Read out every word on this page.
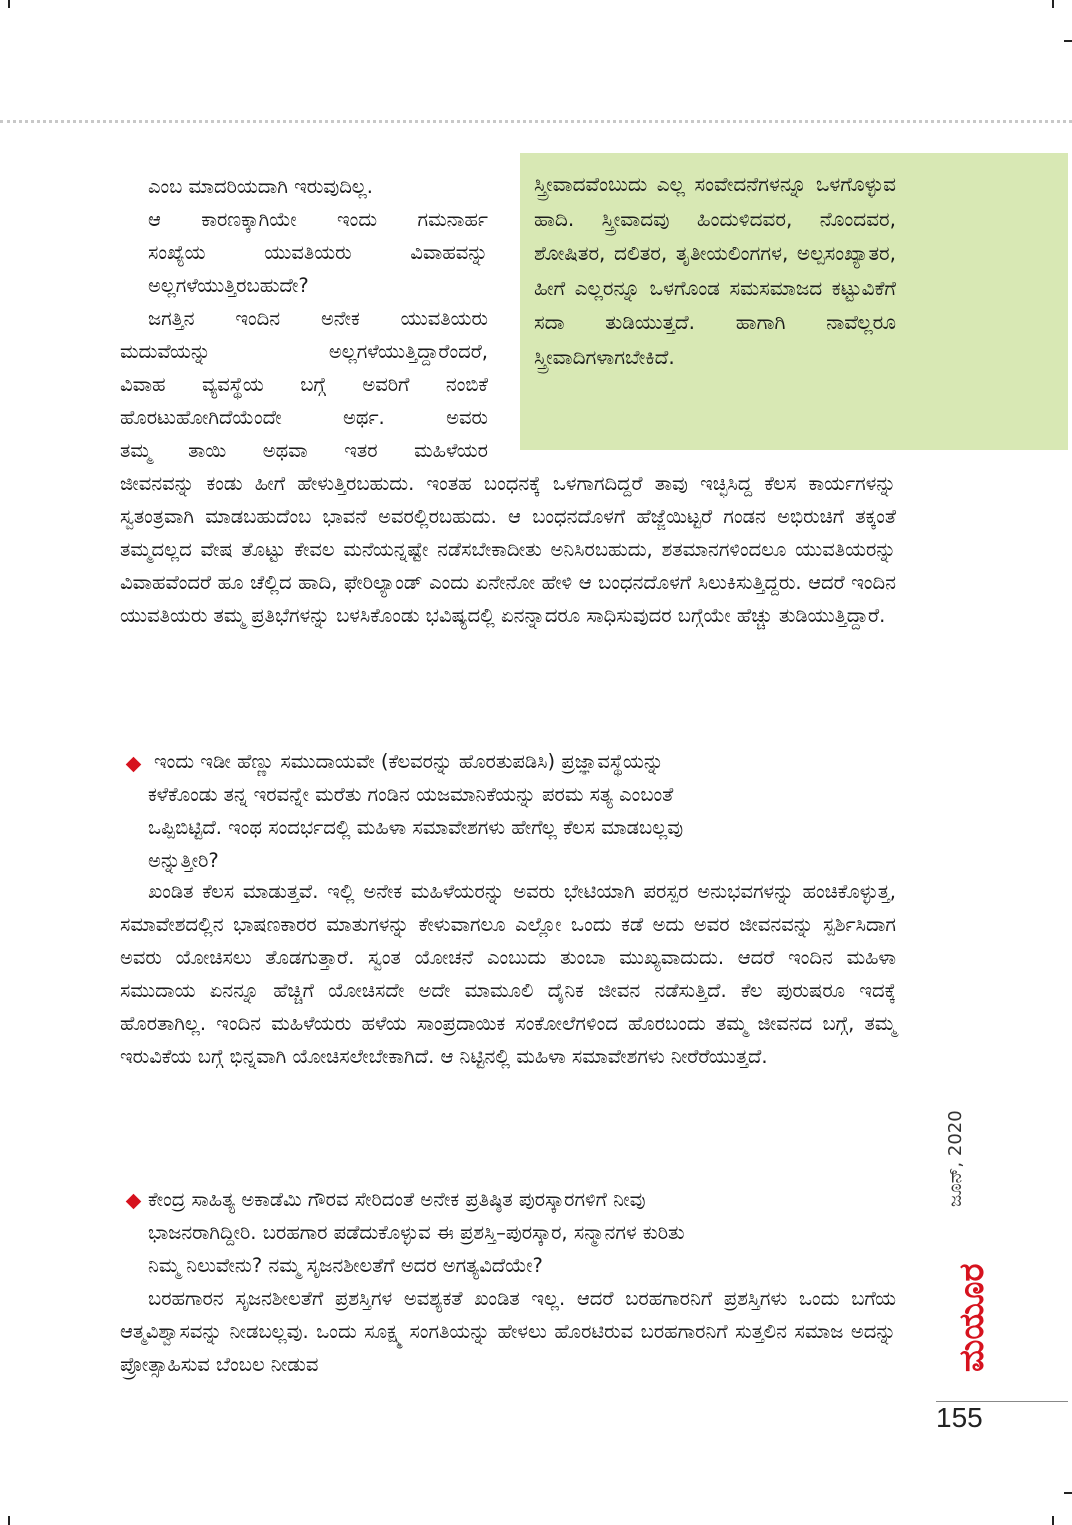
ಸ್ತ್ರೀವಾದವೆಂಬುದು ಎಲ್ಲ ಸಂವೇದನೆಗಳನ್ನೂ ಒಳಗೊಳ್ಳುವ ಹಾದಿ. ಸ್ತ್ರೀವಾದವು ಹಿಂದುಳಿದವರ, ನೊಂದವರ, ಶೋಷಿತರ, ದಲಿತರ, ತೃತೀಯಲಿಂಗಗಳ, ಅಲ್ಪಸಂಖ್ಯಾತರ, ಹೀಗೆ ಎಲ್ಲರನ್ನೂ ಒಳಗೊಂಡ ಸಮಸಮಾಜದ ಕಟ್ಟುವಿಕೆಗೆ ಸದಾ ತುಡಿಯುತ್ತದೆ. ಹಾಗಾಗಿ ನಾವೆಲ್ಲರೂ ಸ್ತ್ರೀವಾದಿಗಳಾಗಬೇಕಿದೆ.

ಎಂಬ ಮಾದರಿಯದಾಗಿ ಇರುವುದಿಲ್ಲ.

ಆ ಕಾರಣಕ್ಕಾಗಿಯೇ ಇಂದು ಗಮನಾರ್ಹ

ಸಂಖ್ಯೆಯ ಯುವತಿಯರು ವಿವಾಹವನ್ನು

ಅಲ್ಲಗಳೆಯುತ್ತಿರಬಹುದೇ?

ಜಗತ್ತಿನ ಇಂದಿನ ಅನೇಕ ಯುವತಿಯರು

ಮದುವೆಯನ್ನು ಅಲ್ಲಗಳೆಯುತ್ತಿದ್ದಾರೆಂದರೆ,

ವಿವಾಹ ವ್ಯವಸ್ಥೆಯ ಬಗ್ಗೆ ಅವರಿಗೆ ನಂಬಿಕೆ

ಹೊರಟುಹೋಗಿದೆಯೆಂದೇ ಅರ್ಥ. ಅವರು

ತಮ್ಮ ತಾಯಿ ಅಥವಾ ಇತರ ಮಹಿಳೆಯರ

ಜೀವನವನ್ನು ಕಂಡು ಹೀಗೆ ಹೇಳುತ್ತಿರಬಹುದು. ಇಂತಹ ಬಂಧನಕ್ಕೆ ಒಳಗಾಗದಿದ್ದರೆ ತಾವು ಇಚ್ಛಿಸಿದ್ದ ಕೆಲಸ ಕಾರ್ಯಗಳನ್ನು ಸ್ವತಂತ್ರವಾಗಿ ಮಾಡಬಹುದೆಂಬ ಭಾವನೆ ಅವರಲ್ಲಿರಬಹುದು. ಆ ಬಂಧನದೊಳಗೆ ಹೆಜ್ಜೆಯಿಟ್ಟರೆ ಗಂಡನ ಅಭಿರುಚಿಗೆ ತಕ್ಕಂತೆ ತಮ್ಮದಲ್ಲದ ವೇಷ ತೊಟ್ಟು ಕೇವಲ ಮನೆಯನ್ನಷ್ಟೇ ನಡೆಸಬೇಕಾದೀತು ಅನಿಸಿರಬಹುದು, ಶತಮಾನಗಳಿಂದಲೂ ಯುವತಿಯರನ್ನು ವಿವಾಹವೆಂದರೆ ಹೂ ಚೆಲ್ಲಿದ ಹಾದಿ, ಫೇರಿಲ್ಯಾಂಡ್ ಎಂದು ಏನೇನೋ ಹೇಳಿ ಆ ಬಂಧನದೊಳಗೆ ಸಿಲುಕಿಸುತ್ತಿದ್ದರು. ಆದರೆ ಇಂದಿನ ಯುವತಿಯರು ತಮ್ಮ ಪ್ರತಿಭೆಗಳನ್ನು ಬಳಸಿಕೊಂಡು ಭವಿಷ್ಯದಲ್ಲಿ ಏನನ್ನಾದರೂ ಸಾಧಿಸುವುದರ ಬಗ್ಗೆಯೇ ಹೆಚ್ಚು ತುಡಿಯುತ್ತಿದ್ದಾರೆ.

ಇಂದು ಇಡೀ ಹೆಣ್ಣು ಸಮುದಾಯವೇ (ಕೆಲವರನ್ನು ಹೊರತುಪಡಿಸಿ) ಪ್ರಜ್ಞಾವಸ್ಥೆಯನ್ನು

ಕಳೆಕೊಂಡು ತನ್ನ ಇರವನ್ನೇ ಮರೆತು ಗಂಡಿನ ಯಜಮಾನಿಕೆಯನ್ನು ಪರಮ ಸತ್ಯ ಎಂಬಂತೆ

ಒಪ್ಪಿಬಿಟ್ಟಿದೆ. ಇಂಥ ಸಂದರ್ಭದಲ್ಲಿ ಮಹಿಳಾ ಸಮಾವೇಶಗಳು ಹೇಗೆಲ್ಲ ಕೆಲಸ ಮಾಡಬಲ್ಲವು

ಅನ್ನುತ್ತೀರಿ?

ಖಂಡಿತ ಕೆಲಸ ಮಾಡುತ್ತವೆ. ಇಲ್ಲಿ ಅನೇಕ ಮಹಿಳೆಯರನ್ನು ಅವರು ಭೇಟಿಯಾಗಿ ಪರಸ್ಪರ ಅನುಭವಗಳನ್ನು ಹಂಚಿಕೊಳ್ಳುತ್ತ, ಸಮಾವೇಶದಲ್ಲಿನ ಭಾಷಣಕಾರರ ಮಾತುಗಳನ್ನು ಕೇಳುವಾಗಲೂ ಎಲ್ಲೋ ಒಂದು ಕಡೆ ಅದು ಅವರ ಜೀವನವನ್ನು ಸ್ಪರ್ಶಿಸಿದಾಗ ಅವರು ಯೋಚಿಸಲು ತೊಡಗುತ್ತಾರೆ. ಸ್ವಂತ ಯೋಚನೆ ಎಂಬುದು ತುಂಬಾ ಮುಖ್ಯವಾದುದು. ಆದರೆ ಇಂದಿನ ಮಹಿಳಾ ಸಮುದಾಯ ಏನನ್ನೂ ಹೆಚ್ಚಿಗೆ ಯೋಚಿಸದೇ ಅದೇ ಮಾಮೂಲಿ ದೈನಿಕ ಜೀವನ ನಡೆಸುತ್ತಿದೆ. ಕೆಲ ಪುರುಷರೂ ಇದಕ್ಕೆ ಹೊರತಾಗಿಲ್ಲ. ಇಂದಿನ ಮಹಿಳೆಯರು ಹಳೆಯ ಸಾಂಪ್ರದಾಯಿಕ ಸಂಕೋಲೆಗಳಿಂದ ಹೊರಬಂದು ತಮ್ಮ ಜೀವನದ ಬಗ್ಗೆ, ತಮ್ಮ ಇರುವಿಕೆಯ ಬಗ್ಗೆ ಭಿನ್ನವಾಗಿ ಯೋಚಿಸಲೇಬೇಕಾಗಿದೆ. ಆ ನಿಟ್ಟಿನಲ್ಲಿ ಮಹಿಳಾ ಸಮಾವೇಶಗಳು ನೀರೆರೆಯುತ್ತದೆ.

ಕೇಂದ್ರ ಸಾಹಿತ್ಯ ಅಕಾಡೆಮಿ ಗೌರವ ಸೇರಿದಂತೆ ಅನೇಕ ಪ್ರತಿಷ್ಠಿತ ಪುರಸ್ಕಾರಗಳಿಗೆ ನೀವು

ಭಾಜನರಾಗಿದ್ದೀರಿ. ಬರಹಗಾರ ಪಡೆದುಕೊಳ್ಳುವ ಈ ಪ್ರಶಸ್ತಿ–ಪುರಸ್ಕಾರ, ಸನ್ಮಾನಗಳ ಕುರಿತು

ನಿಮ್ಮ ನಿಲುವೇನು? ನಮ್ಮ ಸೃಜನಶೀಲತೆಗೆ ಅದರ ಅಗತ್ಯವಿದೆಯೇ?

ಬರಹಗಾರನ ಸೃಜನಶೀಲತೆಗೆ ಪ್ರಶಸ್ತಿಗಳ ಅವಶ್ಯಕತೆ ಖಂಡಿತ ಇಲ್ಲ. ಆದರೆ ಬರಹಗಾರನಿಗೆ ಪ್ರಶಸ್ತಿಗಳು ಒಂದು ಬಗೆಯ ಆತ್ಮವಿಶ್ವಾಸವನ್ನು ನೀಡಬಲ್ಲವು. ಒಂದು ಸೂಕ್ಷ್ಮ ಸಂಗತಿಯನ್ನು ಹೇಳಲು ಹೊರಟಿರುವ ಬರಹಗಾರನಿಗೆ ಸುತ್ತಲಿನ ಸಮಾಜ ಅದನ್ನು ಪ್ರೋತ್ಸಾಹಿಸುವ ಬೆಂಬಲ ನೀಡುವ

ಜೂನ್, 2020
ಮಯೂರ
155
